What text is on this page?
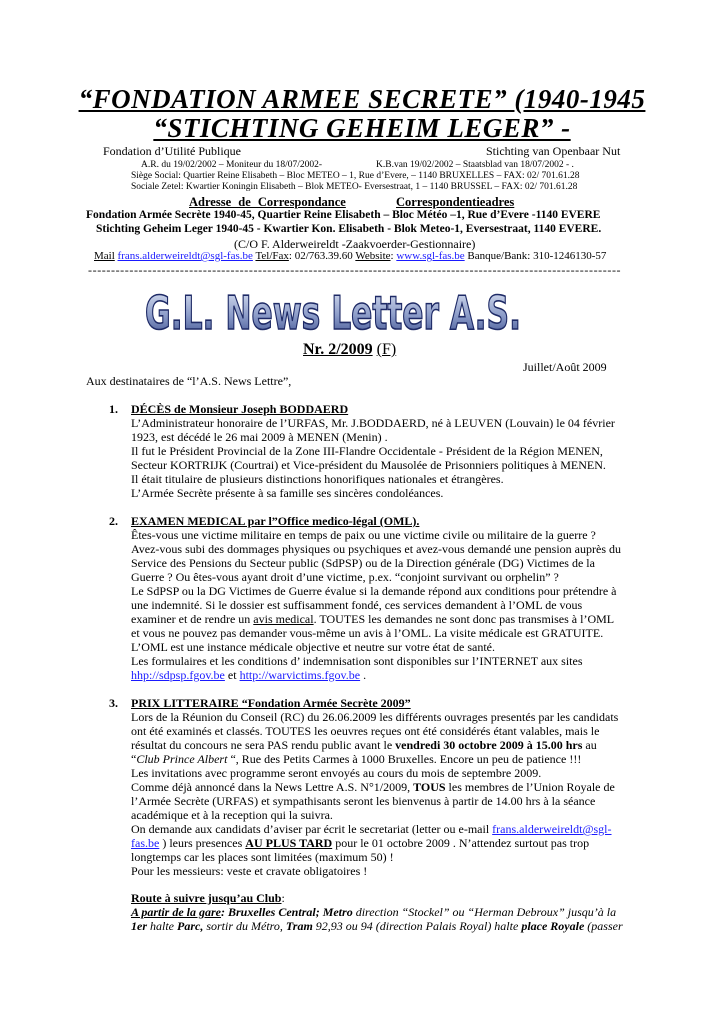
“FONDATION ARMEE SECRETE” (1940-1945
“STICHTING GEHEIM LEGER” -
Fondation d’Utilité Publique	Stichting van Openbaar Nut
A.R. du 19/02/2002 – Moniteur du 18/07/2002-	K.B.van 19/02/2002 – Staatsblad van 18/07/2002 - .
Siège Social: Quartier Reine Elisabeth – Bloc METEO – 1, Rue d’Evere, – 1140 BRUXELLES – FAX: 02/ 701.61.28
Sociale Zetel: Kwartier Koningin Elisabeth – Blok METEO- Eversestraat, 1 – 1140 BRUSSEL – FAX: 02/ 701.61.28
Adresse de Correspondance	Correspondentieadres
Fondation Armée Secrète 1940-45, Quartier Reine Elisabeth – Bloc Météo –1, Rue d’Evere -1140 EVERE
Stichting Geheim Leger 1940-45 - Kwartier Kon. Elisabeth - Blok Meteo-1, Eversestraat, 1140 EVERE.
(C/O F. Alderweireldt -Zaakvoerder-Gestionnaire)
Mail frans.alderweireldt@sgl-fas.be Tel/Fax: 02/763.39.60 Website: www.sgl-fas.be Banque/Bank: 310-1246130-57
--------------------------------------------------------------------------------------------------------------------
G.L. News Letter A.S.
Nr. 2/2009 (F)
Juillet/Août 2009
Aux destinataires de “l’A.S. News Lettre”,
1. DÉCÈS de Monsieur Joseph BODDAERD
L’Administrateur honoraire de l’URFAS, Mr. J.BODDAERD, né à LEUVEN (Louvain) le 04 février
1923, est décédé le 26 mai 2009 à MENEN (Menin) .
Il fut le Président Provincial de la Zone III-Flandre Occidentale - Président de la Région MENEN,
Secteur KORTRIJK (Courtrai) et Vice-président du Mausolée de Prisonniers politiques à MENEN.
Il était titulaire de plusieurs distinctions honorifiques nationales et étrangères.
L’Armée Secrète présente à sa famille ses sincères condoléances.
2. EXAMEN MEDICAL par l”Office medico-légal (OML).
Êtes-vous une victime militaire en temps de paix ou une victime civile ou militaire de la guerre ?
Avez-vous subi des dommages physiques ou psychiques et avez-vous demandé une pension auprès du
Service des Pensions du Secteur public (SdPSP) ou de la Direction générale (DG) Victimes de la
Guerre ? Ou êtes-vous ayant droit d’une victime, p.ex. “conjoint survivant ou orphelin” ?
Le SdPSP ou la DG Victimes de Guerre évalue si la demande répond aux conditions pour prétendre à
une indemnité. Si le dossier est suffisamment fondé, ces services demandent à l’OML de vous
examiner et de rendre un avis medical. TOUTES les demandes ne sont donc pas transmises à l’OML
et vous ne pouvez pas demander vous-même un avis à l’OML. La visite médicale est GRATUITE.
L’OML est une instance médicale objective et neutre sur votre état de santé.
Les formulaires et les conditions d’ indemnisation sont disponibles sur l’INTERNET aux sites
hhp://sdpsp.fgov.be et http://warvictims.fgov.be .
3. PRIX LITTERAIRE “Fondation Armée Secrète 2009”
Lors de la Réunion du Conseil (RC) du 26.06.2009 les différents ouvrages presentés par les candidats
ont été examinés et classés. TOUTES les oeuvres reçues ont été considérés étant valables, mais le
résultat du concours ne sera PAS rendu public avant le vendredi 30 octobre 2009 à 15.00 hrs au
“Club Prince Albert “, Rue des Petits Carmes à 1000 Bruxelles. Encore un peu de patience !!!
Les invitations avec programme seront envoyés au cours du mois de septembre 2009.
Comme déjà annoncé dans la News Lettre A.S. N°1/2009, TOUS les membres de l’Union Royale de
l’Armée Secrète (URFAS) et sympathisants seront les bienvenus à partir de 14.00 hrs à la séance
académique et à la reception qui la suivra.
On demande aux candidats d’aviser par écrit le secretariat (letter ou e-mail frans.alderweireldt@sgl-
fas.be ) leurs presences AU PLUS TARD pour le 01 octobre 2009 . N’attendez surtout pas trop
longtemps car les places sont limitées (maximum 50) !
Pour les messieurs: veste et cravate obligatoires !
Route à suivre jusqu’au Club:
A partir de la gare: Bruxelles Central; Metro direction “Stockel” ou “Herman Debroux” jusqu’à la
1er halte Parc, sortir du Métro, Tram 92,93 ou 94 (direction Palais Royal) halte place Royale (passer
